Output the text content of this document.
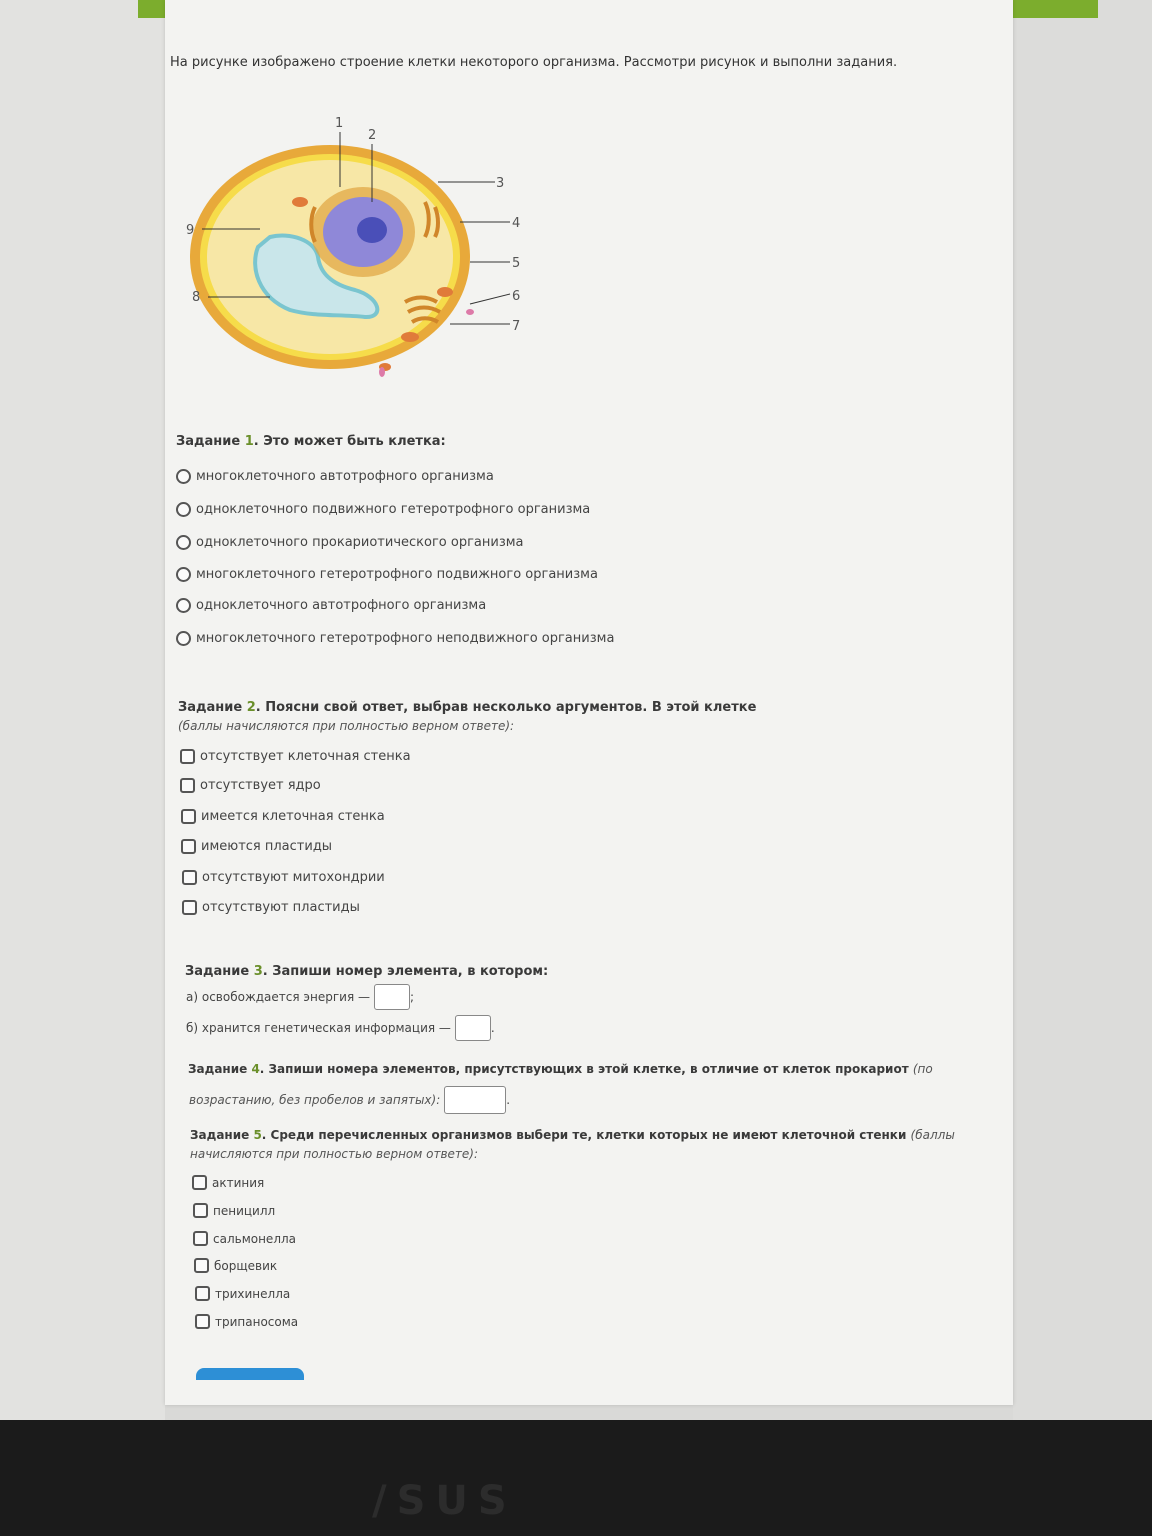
На рисунке изображено строение клетки некоторого организма. Рассмотри рисунок и выполни задания.
1
2
3
4
5
6
7
8
9
Задание 1. Это может быть клетка:
многоклеточного автотрофного организма
одноклеточного подвижного гетеротрофного организма
одноклеточного прокариотического организма
многоклеточного гетеротрофного подвижного организма
одноклеточного автотрофного организма
многоклеточного гетеротрофного неподвижного организма
Задание 2. Поясни свой ответ, выбрав несколько аргументов. В этой клетке
(баллы начисляются при полностью верном ответе):
отсутствует клеточная стенка
отсутствует ядро
имеется клеточная стенка
имеются пластиды
отсутствуют митохондрии
отсутствуют пластиды
Задание 3. Запиши номер элемента, в котором:
а) освобождается энергия —	;
б) хранится генетическая информация —	.
Задание 4. Запиши номера элементов, присутствующих в этой клетке, в отличие от клеток прокариот (по
возрастанию, без пробелов и запятых):	.
Задание 5. Среди перечисленных организмов выбери те, клетки которых не имеют клеточной стенки (баллы
начисляются при полностью верном ответе):
актиния
пеницилл
сальмонелла
борщевик
трихинелла
трипаносома
/SUS
